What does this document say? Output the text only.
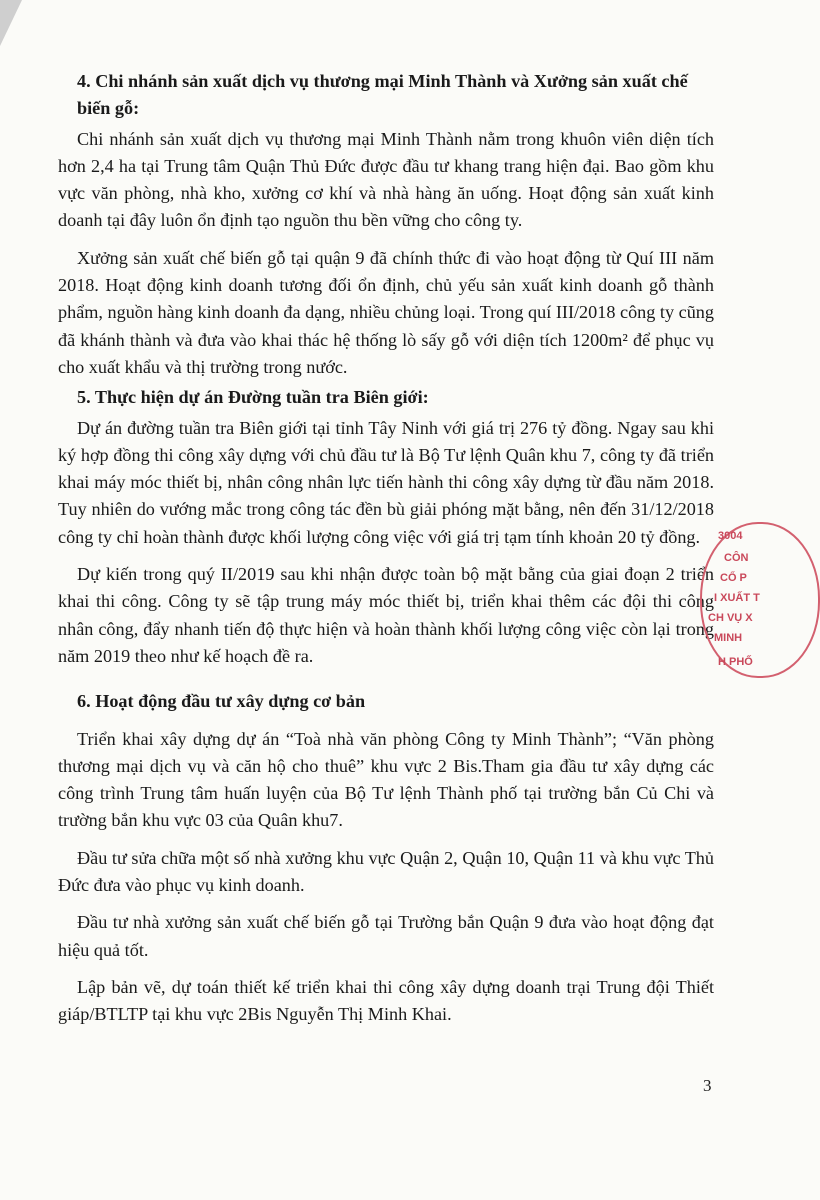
4. Chi nhánh sản xuất dịch vụ thương mại Minh Thành và Xưởng sản xuất chế biến gỗ:

Chi nhánh sản xuất dịch vụ thương mại Minh Thành nằm trong khuôn viên diện tích hơn 2,4 ha tại Trung tâm Quận Thủ Đức được đầu tư khang trang hiện đại. Bao gồm khu vực văn phòng, nhà kho, xưởng cơ khí và nhà hàng ăn uống. Hoạt động sản xuất kinh doanh tại đây luôn ổn định tạo nguồn thu bền vững cho công ty.

Xưởng sản xuất chế biến gỗ tại quận 9 đã chính thức đi vào hoạt động từ Quí III năm 2018. Hoạt động kinh doanh tương đối ổn định, chủ yếu sản xuất kinh doanh gỗ thành phẩm, nguồn hàng kinh doanh đa dạng, nhiều chủng loại. Trong quí III/2018 công ty cũng đã khánh thành và đưa vào khai thác hệ thống lò sấy gỗ với diện tích 1200m² để phục vụ cho xuất khẩu và thị trường trong nước.

5. Thực hiện dự án Đường tuần tra Biên giới:

Dự án đường tuần tra Biên giới tại tỉnh Tây Ninh với giá trị 276 tỷ đồng. Ngay sau khi ký hợp đồng thi công xây dựng với chủ đầu tư là Bộ Tư lệnh Quân khu 7, công ty đã triển khai máy móc thiết bị, nhân công nhân lực tiến hành thi công xây dựng từ đầu năm 2018. Tuy nhiên do vướng mắc trong công tác đền bù giải phóng mặt bằng, nên đến 31/12/2018 công ty chỉ hoàn thành được khối lượng công việc với giá trị tạm tính khoản 20 tỷ đồng.

Dự kiến trong quý II/2019 sau khi nhận được toàn bộ mặt bằng của giai đoạn 2 triển khai thi công. Công ty sẽ tập trung máy móc thiết bị, triển khai thêm các đội thi công nhân công, đẩy nhanh tiến độ thực hiện và hoàn thành khối lượng công việc còn lại trong năm 2019 theo như kế hoạch đề ra.

6. Hoạt động đầu tư xây dựng cơ bản

Triển khai xây dựng dự án “Toà nhà văn phòng Công ty Minh Thành”; “Văn phòng thương mại dịch vụ và căn hộ cho thuê” khu vực 2 Bis.Tham gia đầu tư xây dựng các công trình Trung tâm huấn luyện của Bộ Tư lệnh Thành phố tại trường bắn Củ Chi và trường bắn khu vực 03 của Quân khu7.

Đầu tư sửa chữa một số nhà xưởng khu vực Quận 2, Quận 10, Quận 11 và khu vực Thủ Đức đưa vào phục vụ kinh doanh.

Đầu tư nhà xưởng sản xuất chế biến gỗ tại Trường bắn Quận 9 đưa vào hoạt động đạt hiệu quả tốt.

Lập bản vẽ, dự toán thiết kế triển khai thi công xây dựng doanh trại Trung đội Thiết giáp/BTLTP tại khu vực 2Bis Nguyễn Thị Minh Khai.

3004
CÔN
CỔ P
I XUẤT T
CH VỤ X
MINH
H PHỐ
3
